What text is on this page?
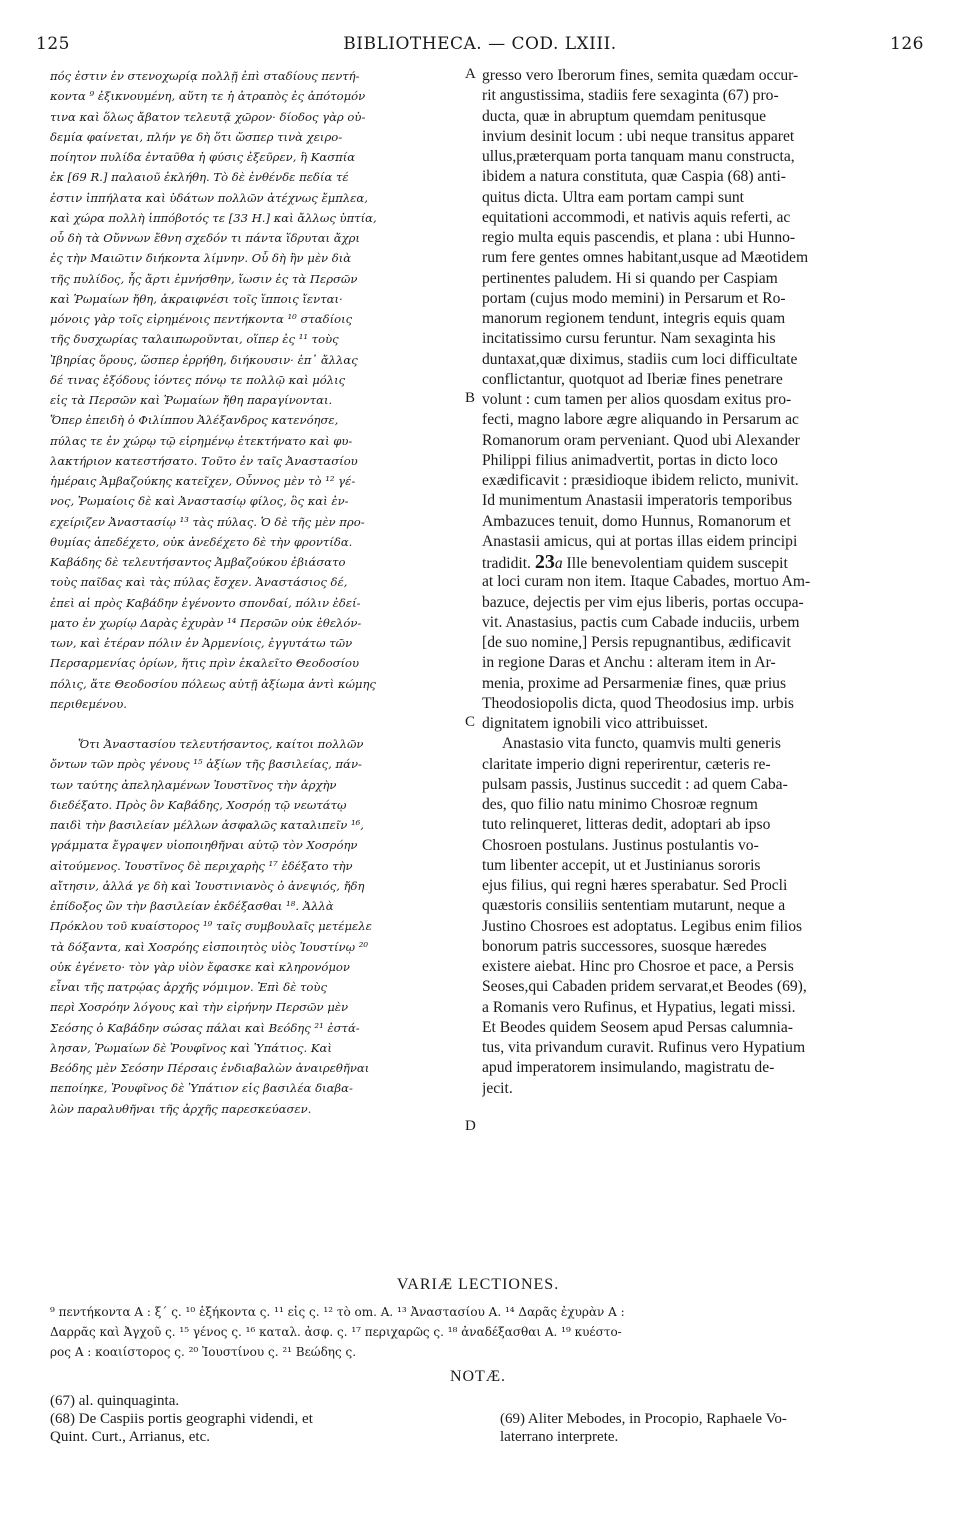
125	BIBLIOTHECA. — COD. LXIII.	126
πός ἐστιν ἐν στενοχωρίᾳ πολλῇ ἐπὶ σταδίους πεντή-
κοντα ⁹ ἐξικνουμένη, αὕτη τε ἡ ἀτραπὸς ἐς ἀπότομόν
τινα καὶ ὅλως ἄβατον τελευτᾷ χῶρον· δίοδος γὰρ οὐ-
δεμία φαίνεται, πλήν γε δὴ ὅτι ὥσπερ τινὰ χειρο-
ποίητον πυλίδα ἐνταῦθα ἡ φύσις ἐξεῦρεν, ἣ Κασπία
ἐκ [69 R.] παλαιοῦ ἐκλήθη. Τὸ δὲ ἐνθένδε πεδία τέ
ἐστιν ἱππήλατα καὶ ὑδάτων πολλῶν ἀτέχνως ἔμπλεα,
καὶ χώρα πολλὴ ἱππόβοτός τε [33 H.] καὶ ἄλλως ὑπτία,
οὗ δὴ τὰ Οὔννων ἔθνη σχεδόν τι πάντα ἵδρυται ἄχρι
ἐς τὴν Μαιῶτιν διήκοντα λίμνην. Οὗ δὴ ἢν μὲν διὰ
τῆς πυλίδος, ἧς ἄρτι ἐμνήσθην, ἴωσιν ἐς τὰ Περσῶν
καὶ Ῥωμαίων ἤθη, ἀκραιφνέσι τοῖς ἵπποις ἴενται·
μόνοις γὰρ τοῖς εἰρημένοις πεντήκοντα ¹⁰ σταδίοις
τῆς δυσχωρίας ταλαιπωροῦνται, οἵπερ ἐς ¹¹ τοὺς
Ἰβηρίας ὅρους, ὥσπερ ἐρρήθη, διήκουσιν· ἐπ᾽ ἄλλας
δέ τινας ἐξόδους ἰόντες πόνῳ τε πολλῷ καὶ μόλις
εἰς τὰ Περσῶν καὶ Ῥωμαίων ἤθη παραγίνονται.
Ὅπερ ἐπειδὴ ὁ Φιλίππου Ἀλέξανδρος κατενόησε,
πύλας τε ἐν χώρῳ τῷ εἰρημένῳ ἐτεκτήνατο καὶ φυ-
λακτήριον κατεστήσατο. Τοῦτο ἐν ταῖς Ἀναστασίου
ἡμέραις Ἀμβαζούκης κατεῖχεν, Οὖννος μὲν τὸ ¹² γέ-
νος, Ῥωμαίοις δὲ καὶ Ἀναστασίῳ φίλος, ὃς καὶ ἐν-
εχείριζεν Ἀναστασίῳ ¹³ τὰς πύλας. Ὁ δὲ τῆς μὲν προ-
θυμίας ἀπεδέχετο, οὐκ ἀνεδέχετο δὲ τὴν φροντίδα.
Καβάδης δὲ τελευτήσαντος Ἀμβαζούκου ἐβιάσατο
τοὺς παῖδας καὶ τὰς πύλας ἔσχεν. Ἀναστάσιος δέ,
ἐπεὶ αἱ πρὸς Καβάδην ἐγένοντο σπονδαί, πόλιν ἐδεί-
ματο ἐν χωρίῳ Δαρὰς ἐχυρὰν ¹⁴ Περσῶν οὐκ ἐθελόν-
των, καὶ ἑτέραν πόλιν ἐν Ἀρμενίοις, ἐγγυτάτω τῶν
Περσαρμενίας ὁρίων, ἥτις πρὶν ἐκαλεῖτο Θεοδοσίου
πόλις, ἅτε Θεοδοσίου πόλεως αὐτῇ ἀξίωμα ἀντὶ κώμης
περιθεμένου.
Ὅτι Ἀναστασίου τελευτήσαντος, καίτοι πολλῶν
ὄντων τῶν πρὸς γένους ¹⁵ ἀξίων τῆς βασιλείας, πάν-
των ταύτης ἀπεληλαμένων Ἰουστῖνος τὴν ἀρχὴν
διεδέξατο. Πρὸς ὃν Καβάδης, Χοσρόῃ τῷ νεωτάτῳ
παιδὶ τὴν βασιλείαν μέλλων ἀσφαλῶς καταλιπεῖν ¹⁶,
γράμματα ἔγραψεν υἱοποιηθῆναι αὐτῷ τὸν Χοσρόην
αἰτούμενος. Ἰουστῖνος δὲ περιχαρὴς ¹⁷ ἐδέξατο τὴν
αἴτησιν, ἀλλά γε δὴ καὶ Ἰουστινιανὸς ὁ ἀνεψιός, ἤδη
ἐπίδοξος ὢν τὴν βασιλείαν ἐκδέξασθαι ¹⁸. Ἀλλὰ
Πρόκλου τοῦ κυαίστορος ¹⁹ ταῖς συμβουλαῖς μετέμελε
τὰ δόξαντα, καὶ Χοσρόης εἰσποιητὸς υἱὸς Ἰουστίνῳ ²⁰
οὐκ ἐγένετο· τὸν γὰρ υἱὸν ἔφασκε καὶ κληρονόμον
εἶναι τῆς πατρῴας ἀρχῆς νόμιμον. Ἐπὶ δὲ τοὺς
περὶ Χοσρόην λόγους καὶ τὴν εἰρήνην Περσῶν μὲν
Σεόσης ὁ Καβάδην σώσας πάλαι καὶ Βεόδης ²¹ ἐστά-
λησαν, Ῥωμαίων δὲ Ῥουφῖνος καὶ Ὑπάτιος. Καὶ
Βεόδης μὲν Σεόσην Πέρσαις ἐνδιαβαλὼν ἀναιρεθῆναι
πεποίηκε, Ῥουφῖνος δὲ Ὑπάτιον εἰς βασιλέα διαβα-
λὼν παραλυθῆναι τῆς ἀρχῆς παρεσκεύασεν.
gresso vero Iberorum fines, semita quædam occur-
rit angustissima, stadiis fere sexaginta (67) pro-
ducta, quæ in abruptum quemdam penitusque
invium desinit locum : ubi neque transitus apparet
ullus,præterquam porta tanquam manu constructa,
ibidem a natura constituta, quæ Caspia (68) anti-
quitus dicta. Ultra eam portam campi sunt
equitationi accommodi, et nativis aquis referti, ac
regio multa equis pascendis, et plana : ubi Hunno-
rum fere gentes omnes habitant,usque ad Mæotidem
pertinentes paludem. Hi si quando per Caspiam
portam (cujus modo memini) in Persarum et Ro-
manorum regionem tendunt, integris equis quam
incitatissimo cursu feruntur. Nam sexaginta his
duntaxat,quæ diximus, stadiis cum loci difficultate
conflictantur, quotquot ad Iberiæ fines penetrare
volunt : cum tamen per alios quosdam exitus pro-
fecti, magno labore ægre aliquando in Persarum ac
Romanorum oram perveniant. Quod ubi Alexander
Philippi filius animadvertit, portas in dicto loco
exædificavit : præsidioque ibidem relicto, munivit.
Id munimentum Anastasii imperatoris temporibus
Ambazuces tenuit, domo Hunnus, Romanorum et
Anastasii amicus, qui at portas illas eidem principi
tradidit. 23a Ille benevolentiam quidem suscepit
at loci curam non item. Itaque Cabades, mortuo Am-
bazuce, dejectis per vim ejus liberis, portas occupa-
vit. Anastasius, pactis cum Cabade induciis, urbem
[de suo nomine,] Persis repugnantibus, ædificavit
in regione Daras et Anchu : alteram item in Ar-
menia, proxime ad Persarmeniæ fines, quæ prius
Theodosiopolis dicta, quod Theodosius imp. urbis
dignitatem ignobili vico attribuisset.
Anastasio vita functo, quamvis multi generis
claritate imperio digni reperirentur, cæteris re-
pulsam passis, Justinus succedit : ad quem Caba-
des, quo filio natu minimo Chosroæ regnum
tuto relinqueret, litteras dedit, adoptari ab ipso
Chosroen postulans. Justinus postulantis vo-
tum libenter accepit, ut et Justinianus sororis
ejus filius, qui regni hæres sperabatur. Sed Procli
quæstoris consiliis sententiam mutarunt, neque a
Justino Chosroes est adoptatus. Legibus enim filios
bonorum patris successores, suosque hæredes
existere aiebat. Hinc pro Chosroe et pace, a Persis
Seoses,qui Cabaden pridem servarat,et Beodes (69),
a Romanis vero Rufinus, et Hypatius, legati missi.
Et Beodes quidem Seosem apud Persas calumnia-
tus, vita privandum curavit. Rufinus vero Hypatium
apud imperatorem insimulando, magistratu de-
jecit.
A
B
C
D
VARIÆ LECTIONES.
⁹ πεντήκοντα A : ξ´ ς. ¹⁰ ἑξήκοντα ς. ¹¹ εἰς ς. ¹² τὸ om. A. ¹³ Ἀναστασίου A. ¹⁴ Δαρᾶς ἐχυρὰν A :
Δαρρᾶς καὶ Ἀγχοῦ ς. ¹⁵ γένος ς. ¹⁶ καταλ. ἀσφ. ς. ¹⁷ περιχαρῶς ς. ¹⁸ ἀναδέξασθαι A. ¹⁹ κυέστο-
ρος A : κοαιίστορος ς. ²⁰ Ἰουστίνου ς. ²¹ Βεώδης ς.
NOTÆ.
(67) al. quinquaginta.
(68) De Caspiis portis geographi videndi, et
Quint. Curt., Arrianus, etc.
(69) Aliter Mebodes, in Procopio, Raphaele Vo-
laterrano interprete.
